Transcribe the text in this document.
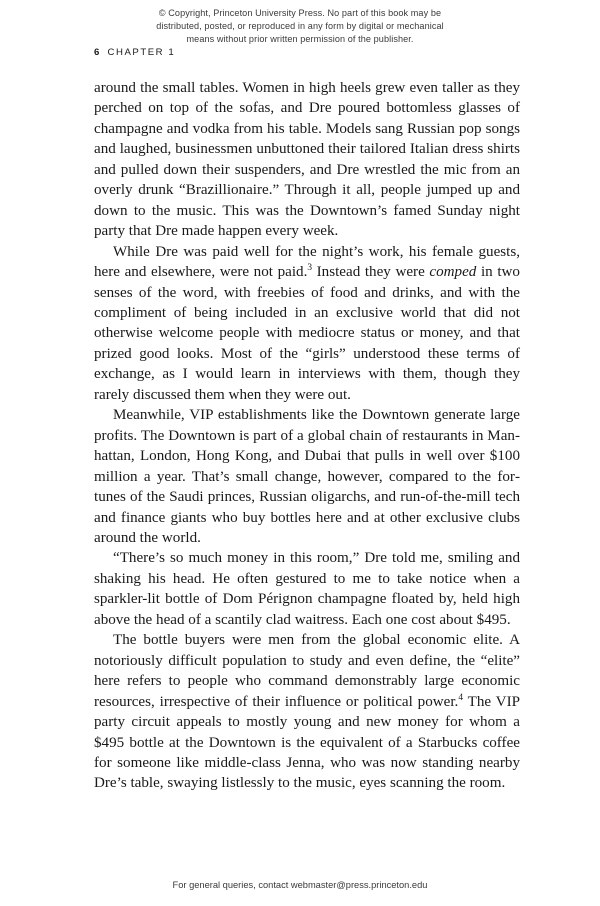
© Copyright, Princeton University Press. No part of this book may be
distributed, posted, or reproduced in any form by digital or mechanical
means without prior written permission of the publisher.
6 CHAPTER 1

around the small tables. Women in high heels grew even taller as they perched on top of the sofas, and Dre poured bottomless glasses of champagne and vodka from his table. Models sang Russian pop songs and laughed, businessmen unbuttoned their tailored Italian dress shirts and pulled down their suspenders, and Dre wrestled the mic from an overly drunk “Brazillionaire.” Through it all, people jumped up and down to the music. This was the Downtown’s famed Sunday night party that Dre made happen every week.

While Dre was paid well for the night’s work, his female guests, here and elsewhere, were not paid.$^3$ Instead they were comped in two senses of the word, with freebies of food and drinks, and with the compliment of being included in an exclusive world that did not otherwise welcome people with mediocre status or money, and that prized good looks. Most of the “girls” understood these terms of exchange, as I would learn in interviews with them, though they rarely discussed them when they were out.

Meanwhile, VIP establishments like the Downtown generate large profits. The Downtown is part of a global chain of restaurants in Manhattan, London, Hong Kong, and Dubai that pulls in well over $100 million a year. That’s small change, however, compared to the fortunes of the Saudi princes, Russian oligarchs, and run-of-the-mill tech and finance giants who buy bottles here and at other exclusive clubs around the world.

“There’s so much money in this room,” Dre told me, smiling and shaking his head. He often gestured to me to take notice when a sparkler-lit bottle of Dom Pérignon champagne floated by, held high above the head of a scantily clad waitress. Each one cost about $495.

The bottle buyers were men from the global economic elite. A notoriously difficult population to study and even define, the “elite” here refers to people who command demonstrably large economic resources, irrespective of their influence or political power.$^4$ The VIP party circuit appeals to mostly young and new money for whom a $495 bottle at the Downtown is the equivalent of a Starbucks coffee for someone like middle-class Jenna, who was now standing nearby Dre’s table, swaying listlessly to the music, eyes scanning the room.

For general queries, contact webmaster@press.princeton.edu
